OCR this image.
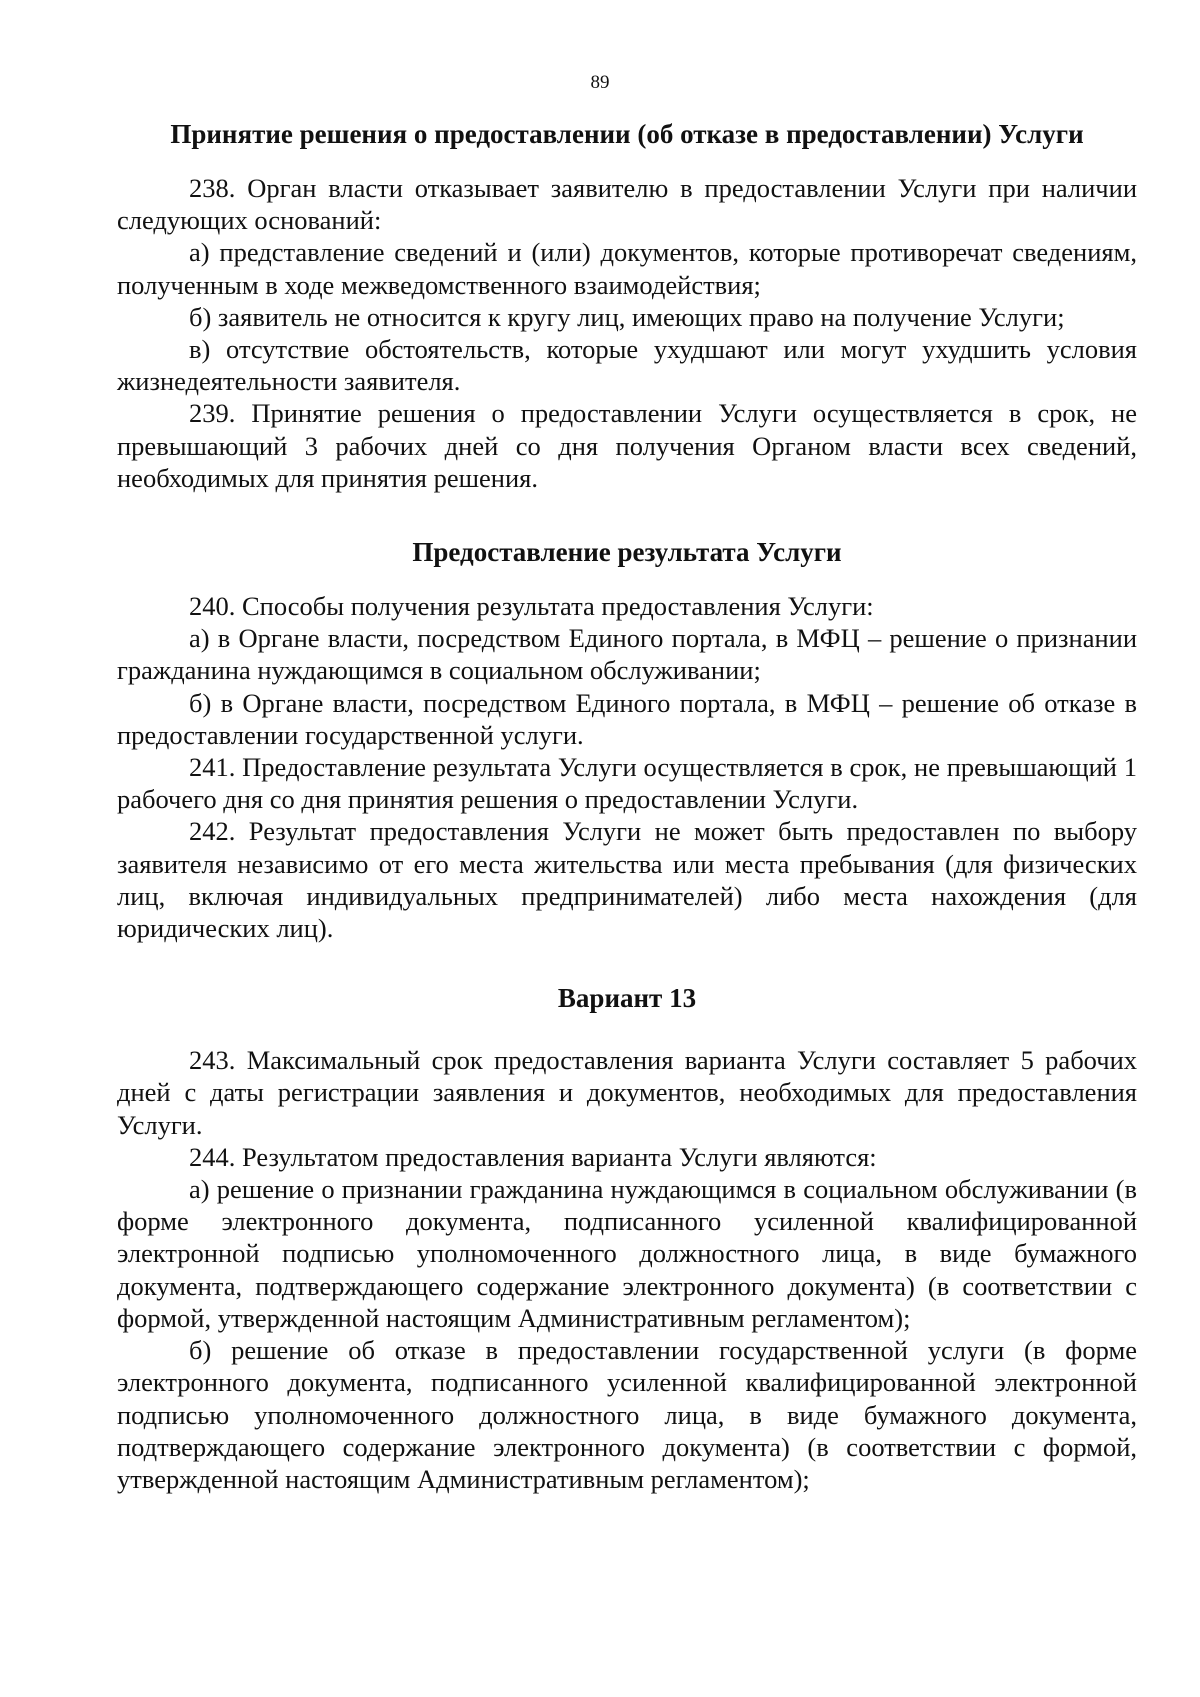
89
Принятие решения о предоставлении (об отказе в предоставлении) Услуги

238. Орган власти отказывает заявителю в предоставлении Услуги при наличии следующих оснований:

а) представление сведений и (или) документов, которые противоречат сведениям, полученным в ходе межведомственного взаимодействия;

б) заявитель не относится к кругу лиц, имеющих право на получение Услуги;

в) отсутствие обстоятельств, которые ухудшают или могут ухудшить условия жизнедеятельности заявителя.

239. Принятие решения о предоставлении Услуги осуществляется в срок, не превышающий 3 рабочих дней со дня получения Органом власти всех сведений, необходимых для принятия решения.

Предоставление результата Услуги

240. Способы получения результата предоставления Услуги:

а) в Органе власти, посредством Единого портала, в МФЦ – решение о признании гражданина нуждающимся в социальном обслуживании;

б) в Органе власти, посредством Единого портала, в МФЦ – решение об отказе в предоставлении государственной услуги.

241. Предоставление результата Услуги осуществляется в срок, не превышающий 1 рабочего дня со дня принятия решения о предоставлении Услуги.

242. Результат предоставления Услуги не может быть предоставлен по выбору заявителя независимо от его места жительства или места пребывания (для физических лиц, включая индивидуальных предпринимателей) либо места нахождения (для юридических лиц).

Вариант 13

243. Максимальный срок предоставления варианта Услуги составляет 5 рабочих дней с даты регистрации заявления и документов, необходимых для предоставления Услуги.

244. Результатом предоставления варианта Услуги являются:

а) решение о признании гражданина нуждающимся в социальном обслуживании (в форме электронного документа, подписанного усиленной квалифицированной электронной подписью уполномоченного должностного лица, в виде бумажного документа, подтверждающего содержание электронного документа) (в соответствии с формой, утвержденной настоящим Административным регламентом);

б) решение об отказе в предоставлении государственной услуги (в форме электронного документа, подписанного усиленной квалифицированной электронной подписью уполномоченного должностного лица, в виде бумажного документа, подтверждающего содержание электронного документа) (в соответствии с формой, утвержденной настоящим Административным регламентом);
